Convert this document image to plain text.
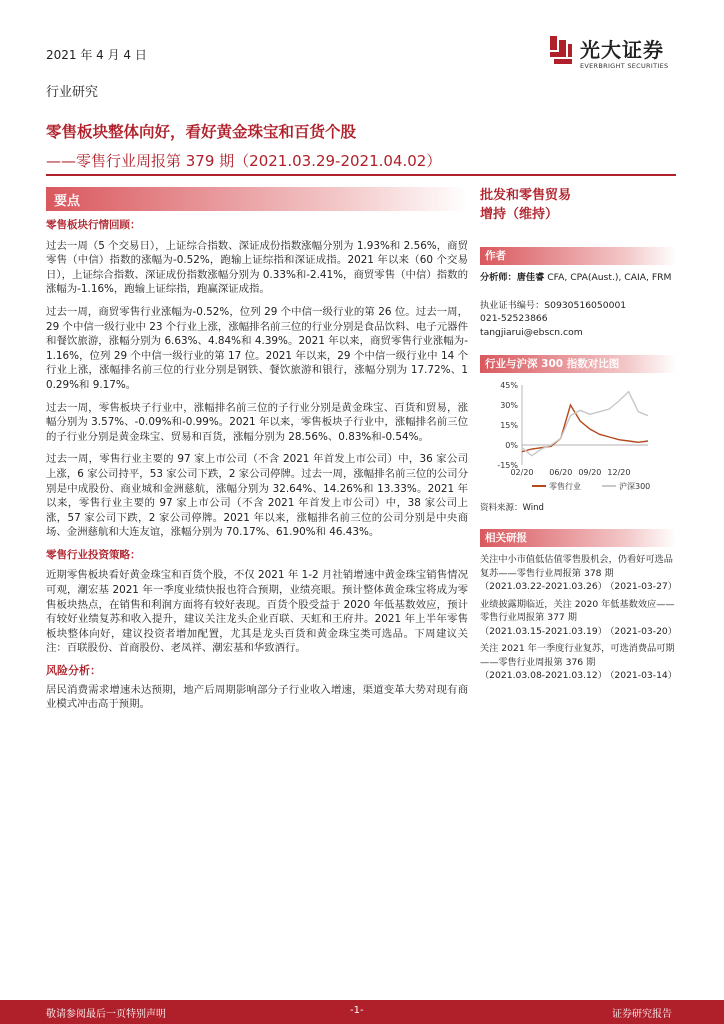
2021 年 4 月 4 日
行业研究
零售板块整体向好，看好黄金珠宝和百货个股
——零售行业周报第 379 期（2021.03.29-2021.04.02）
光大证券
EVERBRIGHT SECURITIES
要点
零售板块行情回顾：
过去一周（5 个交易日），上证综合指数、深证成份指数涨幅分别为 1.93%和 2.56%，商贸零售（中信）指数的涨幅为-0.52%，跑输上证综指和深证成指。2021 年以来（60 个交易日），上证综合指数、深证成份指数涨幅分别为 0.33%和-2.41%，商贸零售（中信）指数的涨幅为-1.16%，跑输上证综指，跑赢深证成指。
过去一周，商贸零售行业涨幅为-0.52%，位列 29 个中信一级行业的第 26 位。过去一周，29 个中信一级行业中 23 个行业上涨，涨幅排名前三位的行业分别是食品饮料、电子元器件和餐饮旅游，涨幅分别为 6.63%、4.84%和 4.39%。2021 年以来，商贸零售行业涨幅为-1.16%，位列 29 个中信一级行业的第 17 位。2021 年以来，29 个中信一级行业中 14 个行业上涨，涨幅排名前三位的行业分别是钢铁、餐饮旅游和银行，涨幅分别为 17.72%、10.29%和 9.17%。
过去一周，零售板块子行业中，涨幅排名前三位的子行业分别是黄金珠宝、百货和贸易，涨幅分别为 3.57%、-0.09%和-0.99%。2021 年以来，零售板块子行业中，涨幅排名前三位的子行业分别是黄金珠宝、贸易和百货，涨幅分别为 28.56%、0.83%和-0.54%。
过去一周，零售行业主要的 97 家上市公司（不含 2021 年首发上市公司）中，36 家公司上涨，6 家公司持平，53 家公司下跌，2 家公司停牌。过去一周，涨幅排名前三位的公司分别是中成股份、商业城和金洲慈航，涨幅分别为 32.64%、14.26%和 13.33%。2021 年以来，零售行业主要的 97 家上市公司（不含 2021 年首发上市公司）中，38 家公司上涨，57 家公司下跌，2 家公司停牌。2021 年以来，涨幅排名前三位的公司分别是中央商场、金洲慈航和大连友谊，涨幅分别为 70.17%、61.90%和 46.43%。
零售行业投资策略：
近期零售板块看好黄金珠宝和百货个股，不仅 2021 年 1-2 月社销增速中黄金珠宝销售情况可观，潮宏基 2021 年一季度业绩快报也符合预期，业绩亮眼。预计整体黄金珠宝将成为零售板块热点，在销售和利润方面将有较好表现。百货个股受益于 2020 年低基数效应，预计有较好业绩复苏和收入提升，建议关注龙头企业百联、天虹和王府井。2021 年上半年零售板块整体向好，建议投资者增加配置，尤其是龙头百货和黄金珠宝类可选品。下周建议关注：百联股份、首商股份、老凤祥、潮宏基和华致酒行。
风险分析：
居民消费需求增速未达预期，地产后周期影响部分子行业收入增速，渠道变革大势对现有商业模式冲击高于预期。
批发和零售贸易
增持（维持）
作者
分析师：唐佳睿 CFA, CPA(Aust.), CAIA, FRM
执业证书编号：S0930516050001
021-52523866
tangjiarui@ebscn.com
行业与沪深 300 指数对比图
45%
30%
15%
0%
-15%
02/20 06/20 09/20 12/20
零售行业	沪深300
资料来源：Wind
相关研报
关注中小市值低估值零售股机会，仍看好可选品复苏——零售行业周报第 378 期
（2021.03.22-2021.03.26）
（2021-03-27）
业绩披露期临近，关注 2020 年低基数效应——零售行业周报第 377 期
（2021.03.15-2021.03.19）
（2021-03-20）
关注 2021 年一季度行业复苏，可选消费品可期——零售行业周报第 376 期
（2021.03.08-2021.03.12）
（2021-03-14）
敬请参阅最后一页特别声明	-1-	证券研究报告
